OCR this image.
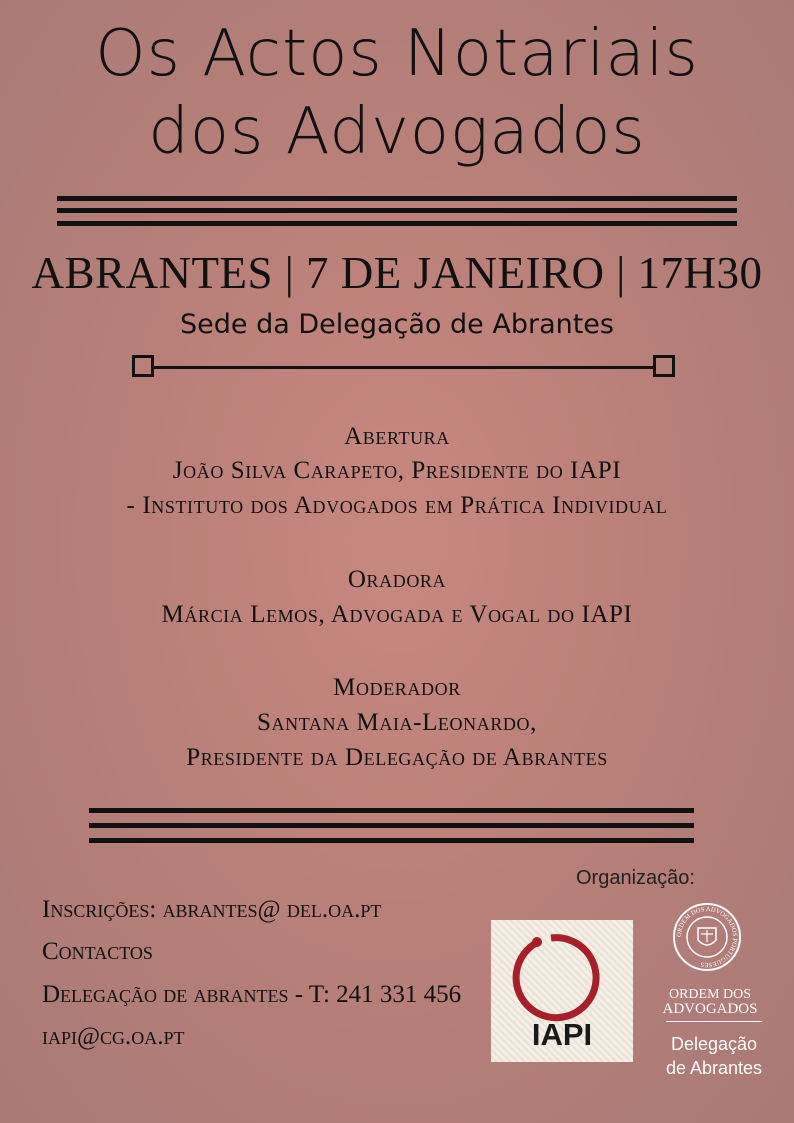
Os Actos Notariais
dos Advogados
ABRANTES | 7 DE JANEIRO | 17H30
Sede da Delegação de Abrantes
Abertura
João Silva Carapeto, Presidente do IAPI
- Instituto dos Advogados em Prática Individual
Oradora
Márcia Lemos, Advogada e Vogal do IAPI
Moderador
Santana Maia-Leonardo,
Presidente da Delegação de Abrantes
Inscrições: abrantes@ del.oa.pt
Contactos
Delegação de abrantes - T: 241 331 456
iapi@cg.oa.pt
Organização:
IAPI
ORDEM DOS ADVOGADOS PORTUGUESES
ORDEM DOS
ADVOGADOS
Delegação
de Abrantes
